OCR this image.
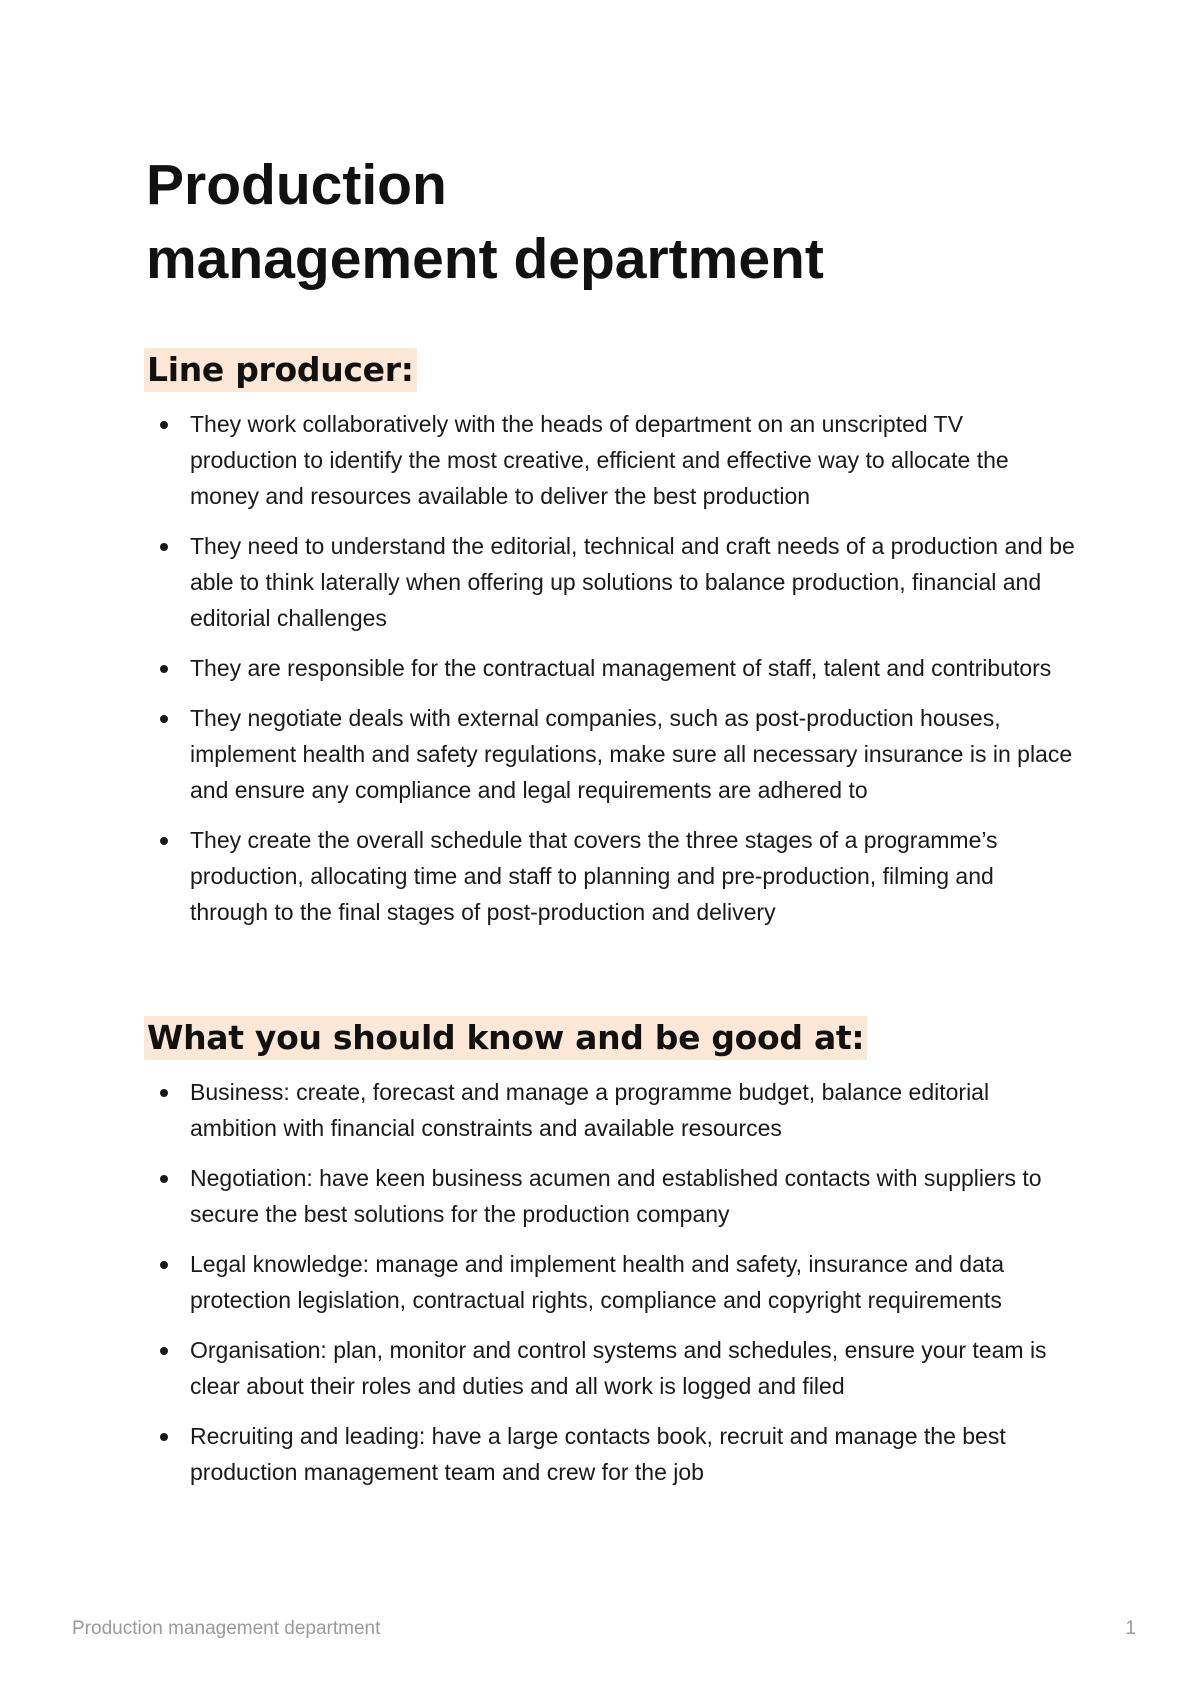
Production
management department
Line producer:
They work collaboratively with the heads of department on an unscripted TV production to identify the most creative, efficient and effective way to allocate the money and resources available to deliver the best production
They need to understand the editorial, technical and craft needs of a production and be able to think laterally when offering up solutions to balance production, financial and editorial challenges
They are responsible for the contractual management of staff, talent and contributors
They negotiate deals with external companies, such as post-production houses, implement health and safety regulations, make sure all necessary insurance is in place and ensure any compliance and legal requirements are adhered to
They create the overall schedule that covers the three stages of a programme’s production, allocating time and staff to planning and pre-production, filming and through to the final stages of post-production and delivery
What you should know and be good at:
Business: create, forecast and manage a programme budget, balance editorial ambition with financial constraints and available resources
Negotiation: have keen business acumen and established contacts with suppliers to secure the best solutions for the production company
Legal knowledge: manage and implement health and safety, insurance and data protection legislation, contractual rights, compliance and copyright requirements
Organisation: plan, monitor and control systems and schedules, ensure your team is clear about their roles and duties and all work is logged and filed
Recruiting and leading: have a large contacts book, recruit and manage the best production management team and crew for the job
Production management department	1
